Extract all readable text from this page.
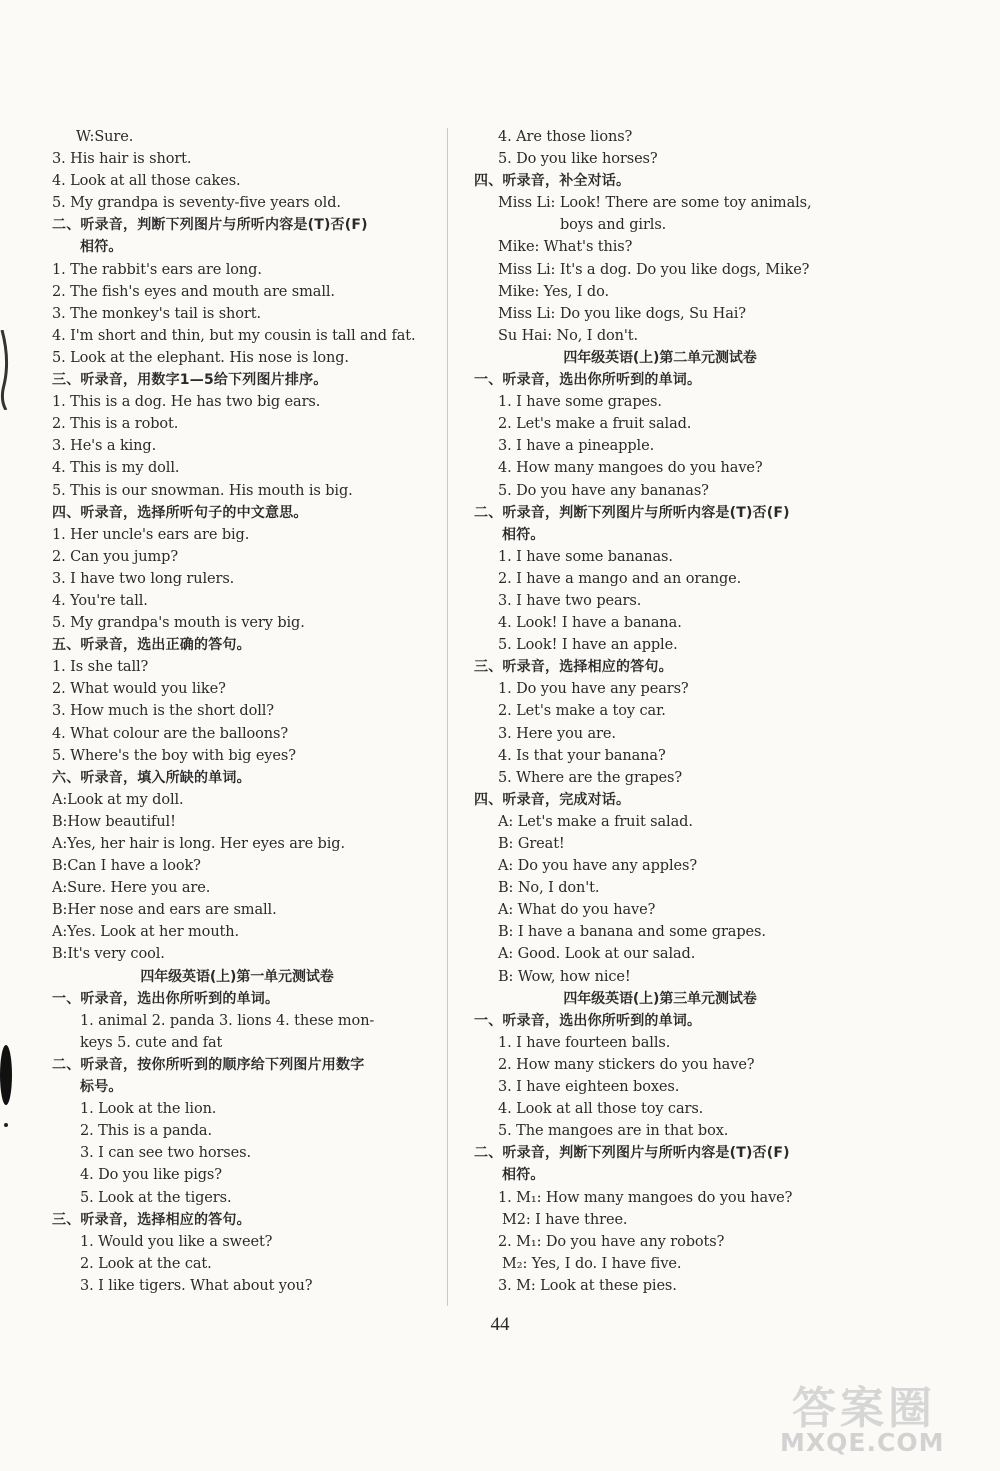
W:Sure.
3. His hair is short.
4. Look at all those cakes.
5. My grandpa is seventy-five years old.
二、听录音，判断下列图片与所听内容是(T)否(F)
相符。
1. The rabbit's ears are long.
2. The fish's eyes and mouth are small.
3. The monkey's tail is short.
4. I'm short and thin, but my cousin is tall and fat.
5. Look at the elephant. His nose is long.
三、听录音，用数字1—5给下列图片排序。
1. This is a dog. He has two big ears.
2. This is a robot.
3. He's a king.
4. This is my doll.
5. This is our snowman. His mouth is big.
四、听录音，选择所听句子的中文意思。
1. Her uncle's ears are big.
2. Can you jump?
3. I have two long rulers.
4. You're tall.
5. My grandpa's mouth is very big.
五、听录音，选出正确的答句。
1. Is she tall?
2. What would you like?
3. How much is the short doll?
4. What colour are the balloons?
5. Where's the boy with big eyes?
六、听录音，填入所缺的单词。
A:Look at my doll.
B:How beautiful!
A:Yes, her hair is long. Her eyes are big.
B:Can I have a look?
A:Sure. Here you are.
B:Her nose and ears are small.
A:Yes. Look at her mouth.
B:It's very cool.
四年级英语(上)第一单元测试卷
一、听录音，选出你所听到的单词。
1. animal 2. panda 3. lions 4. these mon-
keys 5. cute and fat
二、听录音，按你所听到的顺序给下列图片用数字
标号。
1. Look at the lion.
2. This is a panda.
3. I can see two horses.
4. Do you like pigs?
5. Look at the tigers.
三、听录音，选择相应的答句。
1. Would you like a sweet?
2. Look at the cat.
3. I like tigers. What about you?
4. Are those lions?
5. Do you like horses?
四、听录音，补全对话。
Miss Li: Look! There are some toy animals,
boys and girls.
Mike: What's this?
Miss Li: It's a dog. Do you like dogs, Mike?
Mike: Yes, I do.
Miss Li: Do you like dogs, Su Hai?
Su Hai: No, I don't.
四年级英语(上)第二单元测试卷
一、听录音，选出你所听到的单词。
1. I have some grapes.
2. Let's make a fruit salad.
3. I have a pineapple.
4. How many mangoes do you have?
5. Do you have any bananas?
二、听录音，判断下列图片与所听内容是(T)否(F)
相符。
1. I have some bananas.
2. I have a mango and an orange.
3. I have two pears.
4. Look! I have a banana.
5. Look! I have an apple.
三、听录音，选择相应的答句。
1. Do you have any pears?
2. Let's make a toy car.
3. Here you are.
4. Is that your banana?
5. Where are the grapes?
四、听录音，完成对话。
A: Let's make a fruit salad.
B: Great!
A: Do you have any apples?
B: No, I don't.
A: What do you have?
B: I have a banana and some grapes.
A: Good. Look at our salad.
B: Wow, how nice!
四年级英语(上)第三单元测试卷
一、听录音，选出你所听到的单词。
1. I have fourteen balls.
2. How many stickers do you have?
3. I have eighteen boxes.
4. Look at all those toy cars.
5. The mangoes are in that box.
二、听录音，判断下列图片与所听内容是(T)否(F)
相符。
1. M₁: How many mangoes do you have?
M2: I have three.
2. M₁: Do you have any robots?
M₂: Yes, I do. I have five.
3. M: Look at these pies.
44
答案圈
MXQE.COM
